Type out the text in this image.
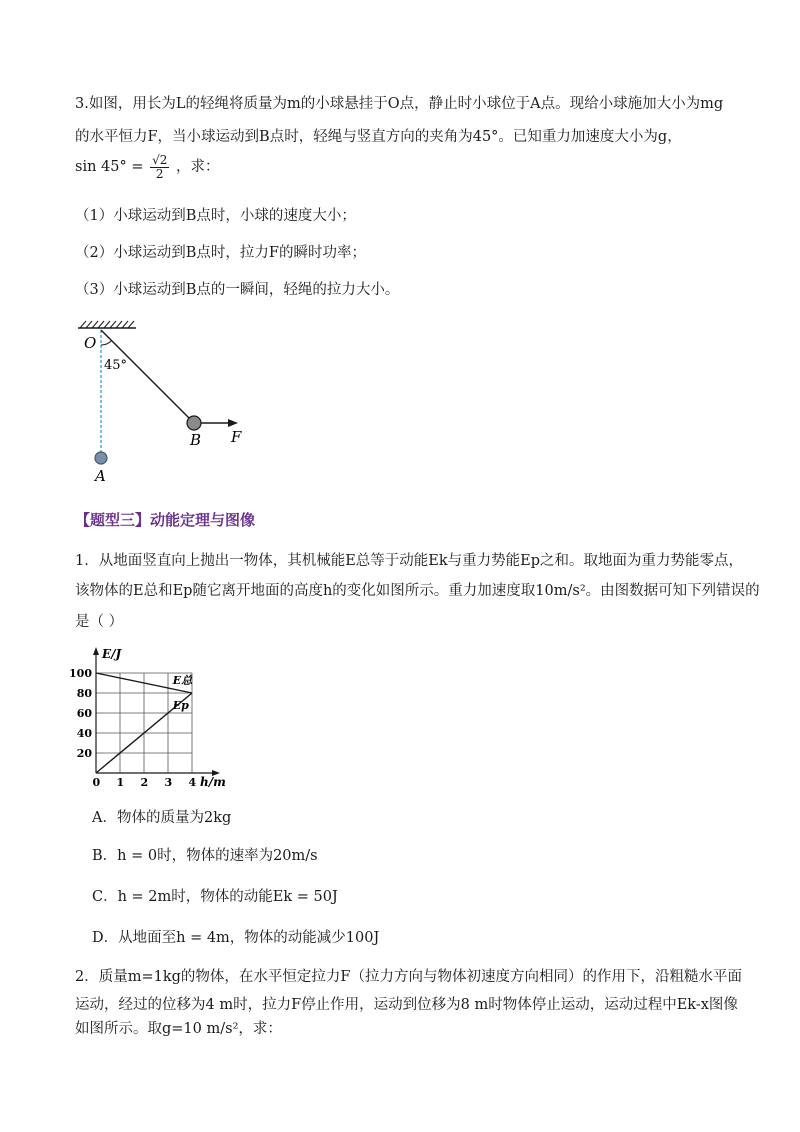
3.如图，用长为L的轻绳将质量为m的小球悬挂于O点，静止时小球位于A点。现给小球施加大小为mg
的水平恒力F，当小球运动到B点时，轻绳与竖直方向的夹角为45°。已知重力加速度大小为g，
$\sin 45^\circ = \frac{√2}{2}$ ，求：
（1）小球运动到B点时，小球的速度大小；
（2）小球运动到B点时，拉力F的瞬时功率；
（3）小球运动到B点的一瞬间，轻绳的拉力大小。
O
45°
A
B F
【题型三】动能定理与图像
1．从地面竖直向上抛出一物体，其机械能E总等于动能Ek与重力势能Ep之和。取地面为重力势能零点，
该物体的E总和Ep随它离开地面的高度h的变化如图所示。重力加速度取10m/s²。由图数据可知下列错误的
是（ ）
E/J
h/m
0 1 2 3 4
20
40
60
80
100
E总
Ep
A．物体的质量为2kg
B．h = 0时，物体的速率为20m/s
C．h = 2m时，物体的动能Ek = 50J
D．从地面至h = 4m，物体的动能减少100J
2．质量m=1kg的物体，在水平恒定拉力F（拉力方向与物体初速度方向相同）的作用下，沿粗糙水平面
运动，经过的位移为4 m时，拉力F停止作用，运动到位移为8 m时物体停止运动，运动过程中Ek-x图像
如图所示。取g=10 m/s²，求：
